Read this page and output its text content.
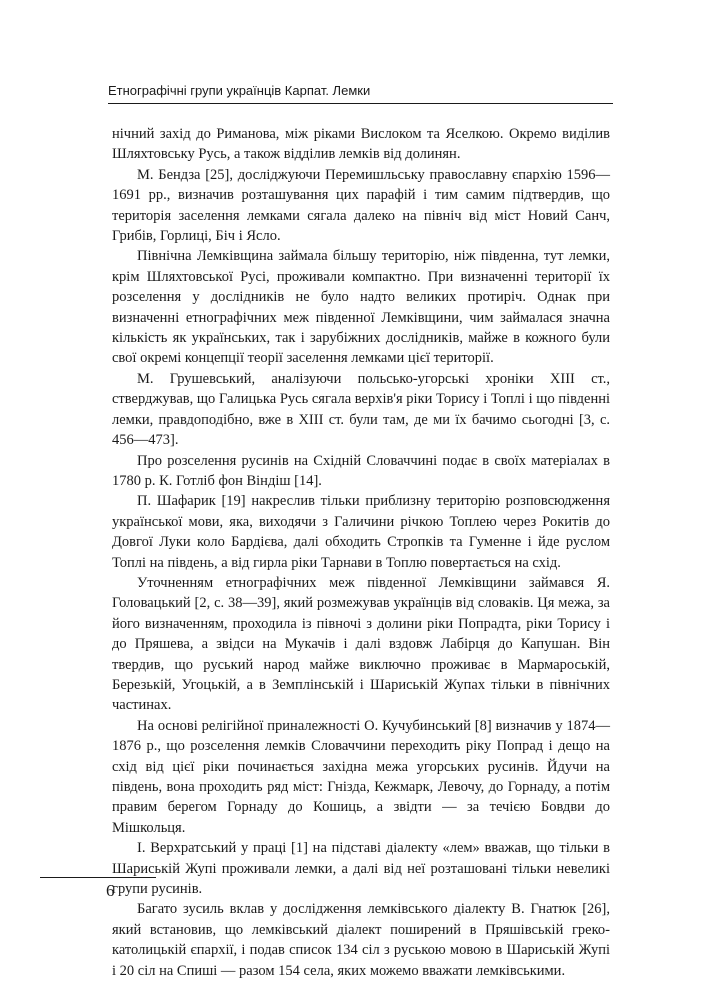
Етнографічні групи українців Карпат. Лемки

нічний захід до Риманова, між ріками Вислоком та Яселкою. Окремо виділив Шляхтовську Русь, а також відділив лемків від долинян.

М. Бендза [25], досліджуючи Перемишльську православну єпархію 1596—1691 рр., визначив розташування цих парафій і тим самим підтвердив, що територія заселення лемками сягала далеко на північ від міст Новий Санч, Грибів, Горлиці, Біч і Ясло.

Північна Лемківщина займала більшу територію, ніж південна, тут лемки, крім Шляхтовської Русі, проживали компактно. При визначенні території їх розселення у дослідників не було надто великих протиріч. Однак при визначенні етнографічних меж південної Лемківщини, чим займалася значна кількість як українських, так і зарубіжних дослідників, майже в кожного були свої окремі концепції теорії заселення лемками цієї території.

М. Грушевський, аналізуючи польсько-угорські хроніки XIII ст., стверджував, що Галицька Русь сягала верхів'я ріки Торису і Топлі і що південні лемки, правдоподібно, вже в XIII ст. були там, де ми їх бачимо сьогодні [3, с. 456—473].

Про розселення русинів на Східній Словаччині подає в своїх матеріалах в 1780 р. К. Готліб фон Віндіш [14].

П. Шафарик [19] накреслив тільки приблизну територію розповсюдження української мови, яка, виходячи з Галичини річкою Топлею через Рокитів до Довгої Луки коло Бардієва, далі обходить Стропків та Гуменне і йде руслом Топлі на південь, а від гирла ріки Тарнави в Топлю повертається на схід.

Уточненням етнографічних меж південної Лемківщини займався Я. Головацький [2, с. 38—39], який розмежував українців від словаків. Ця межа, за його визначенням, проходила із півночі з долини ріки Попрадта, ріки Торису і до Пряшева, а звідси на Мукачів і далі вздовж Лабірця до Капушан. Він твердив, що руський народ майже виключно проживає в Мармароській, Березькій, Угоцькій, а в Земплінській і Шариській Жупах тільки в північних частинах.

На основі релігійної приналежності О. Кучубинський [8] визначив у 1874—1876 р., що розселення лемків Словаччини переходить ріку Попрад і дещо на схід від цієї ріки починається західна межа угорських русинів. Йдучи на південь, вона проходить ряд міст: Гнізда, Кежмарк, Левочу, до Горнаду, а потім правим берегом Горнаду до Кошиць, а звідти — за течією Бовдви до Мішкольця.

І. Верхратський у праці [1] на підставі діалекту «лем» вважав, що тільки в Шариській Жупі проживали лемки, а далі від неї розташовані тільки невеликі групи русинів.

Багато зусиль вклав у дослідження лемківського діалекту В. Гнатюк [26], який встановив, що лемківський діалект поширений в Пряшівській греко-католицькій єпархії, і подав список 134 сіл з руською мовою в Шариській Жупі і 20 сіл на Спиші — разом 154 села, яких можемо вважати лемківськими.

6
